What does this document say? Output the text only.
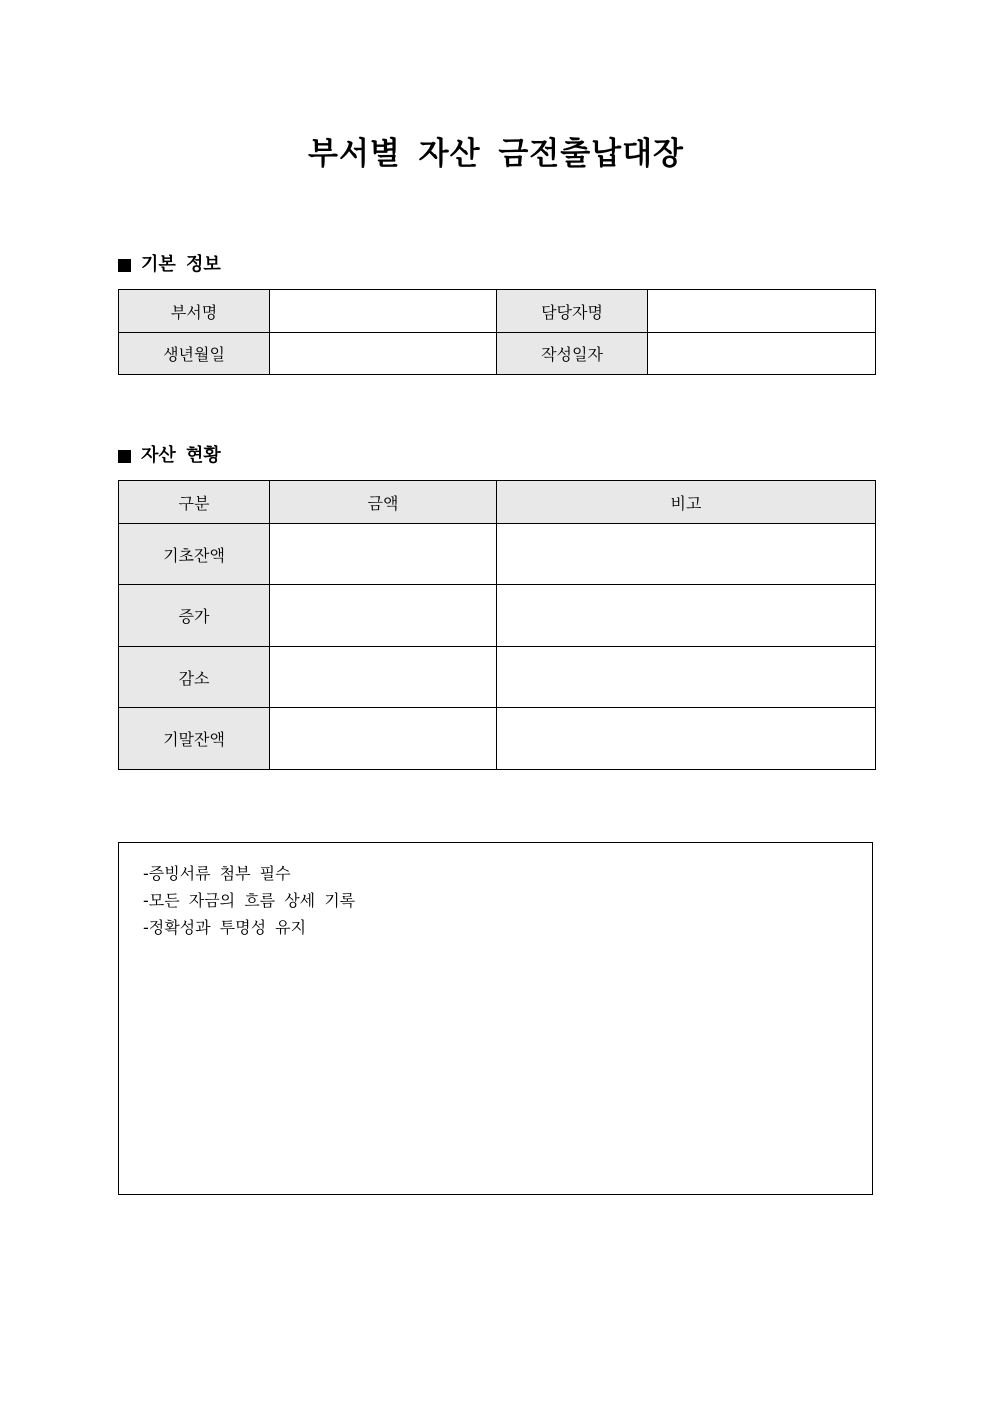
부서별 자산 금전출납대장
기본 정보
부서명		담당자명	
생년월일		작성일자	
자산 현황
구분	금액	비고
기초잔액		
증가		
감소		
기말잔액		
-증빙서류 첨부 필수
-모든 자금의 흐름 상세 기록
-정확성과 투명성 유지
